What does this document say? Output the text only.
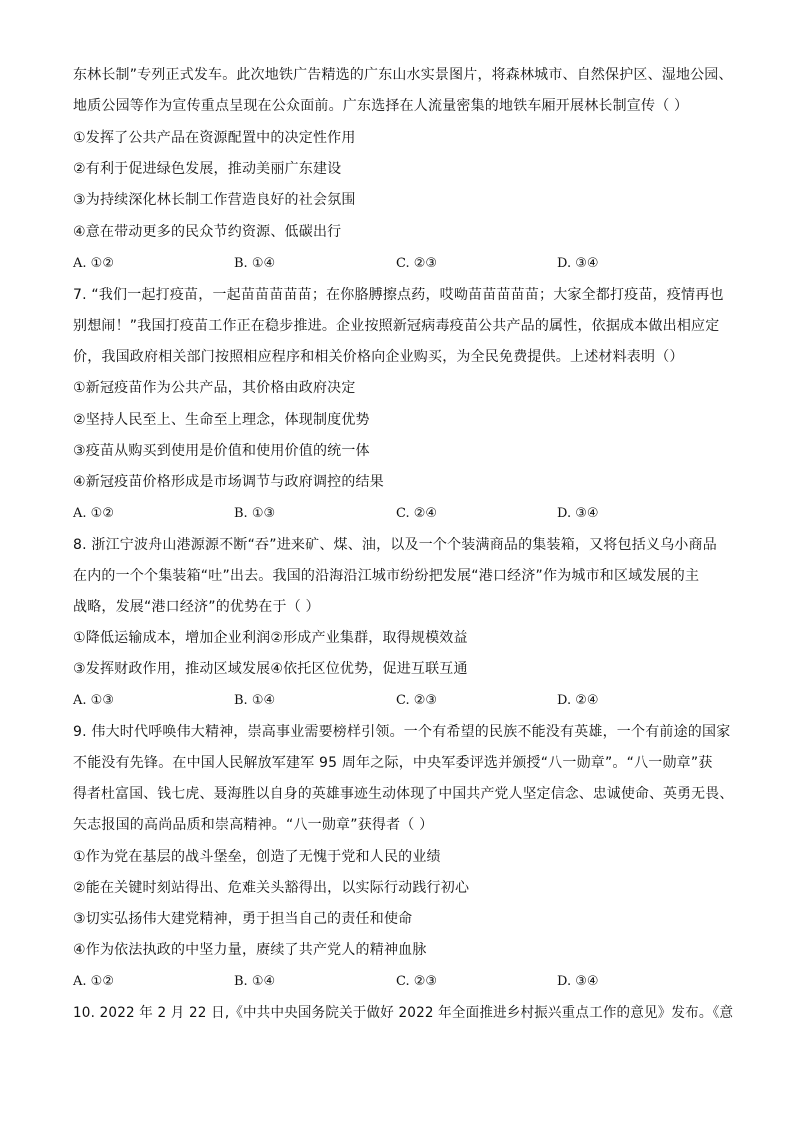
东林长制”专列正式发车。此次地铁广告精选的广东山水实景图片，将森林城市、自然保护区、湿地公园、
地质公园等作为宣传重点呈现在公众面前。广东选择在人流量密集的地铁车厢开展林长制宣传（ ）
①发挥了公共产品在资源配置中的决定性作用
②有利于促进绿色发展，推动美丽广东建设
③为持续深化林长制工作营造良好的社会氛围
④意在带动更多的民众节约资源、低碳出行
A. ①②	B. ①④	C. ②③	D. ③④
7. “我们一起打疫苗，一起苗苗苗苗苗；在你胳膊擦点药，哎呦苗苗苗苗苗；大家全都打疫苗，疫情再也
别想闹！”我国打疫苗工作正在稳步推进。企业按照新冠病毒疫苗公共产品的属性，依据成本做出相应定
价，我国政府相关部门按照相应程序和相关价格向企业购买，为全民免费提供。上述材料表明（）
①新冠疫苗作为公共产品，其价格由政府决定
②坚持人民至上、生命至上理念，体现制度优势
③疫苗从购买到使用是价值和使用价值的统一体
④新冠疫苗价格形成是市场调节与政府调控的结果
A. ①②	B. ①③	C. ②④	D. ③④
8. 浙江宁波舟山港源源不断“吞”进来矿、煤、油，以及一个个装满商品的集装箱，又将包括义乌小商品
在内的一个个集装箱“吐”出去。我国的沿海沿江城市纷纷把发展“港口经济”作为城市和区域发展的主
战略，发展“港口经济”的优势在于（ ）
①降低运输成本，增加企业利润②形成产业集群，取得规模效益
③发挥财政作用，推动区域发展④依托区位优势，促进互联互通
A. ①③	B. ①④	C. ②③	D. ②④
9. 伟大时代呼唤伟大精神，崇高事业需要榜样引领。一个有希望的民族不能没有英雄，一个有前途的国家
不能没有先锋。在中国人民解放军建军 95 周年之际，中央军委评选并颁授“八一勋章”。“八一勋章”获
得者杜富国、钱七虎、聂海胜以自身的英雄事迹生动体现了中国共产党人坚定信念、忠诚使命、英勇无畏、
矢志报国的高尚品质和崇高精神。“八一勋章”获得者（ ）
①作为党在基层的战斗堡垒，创造了无愧于党和人民的业绩
②能在关键时刻站得出、危难关头豁得出，以实际行动践行初心
③切实弘扬伟大建党精神，勇于担当自己的责任和使命
④作为依法执政的中坚力量，赓续了共产党人的精神血脉
A. ①②	B. ①④	C. ②③	D. ③④
10. 2022 年 2 月 22 日,《中共中央国务院关于做好 2022 年全面推进乡村振兴重点工作的意见》发布。《意
